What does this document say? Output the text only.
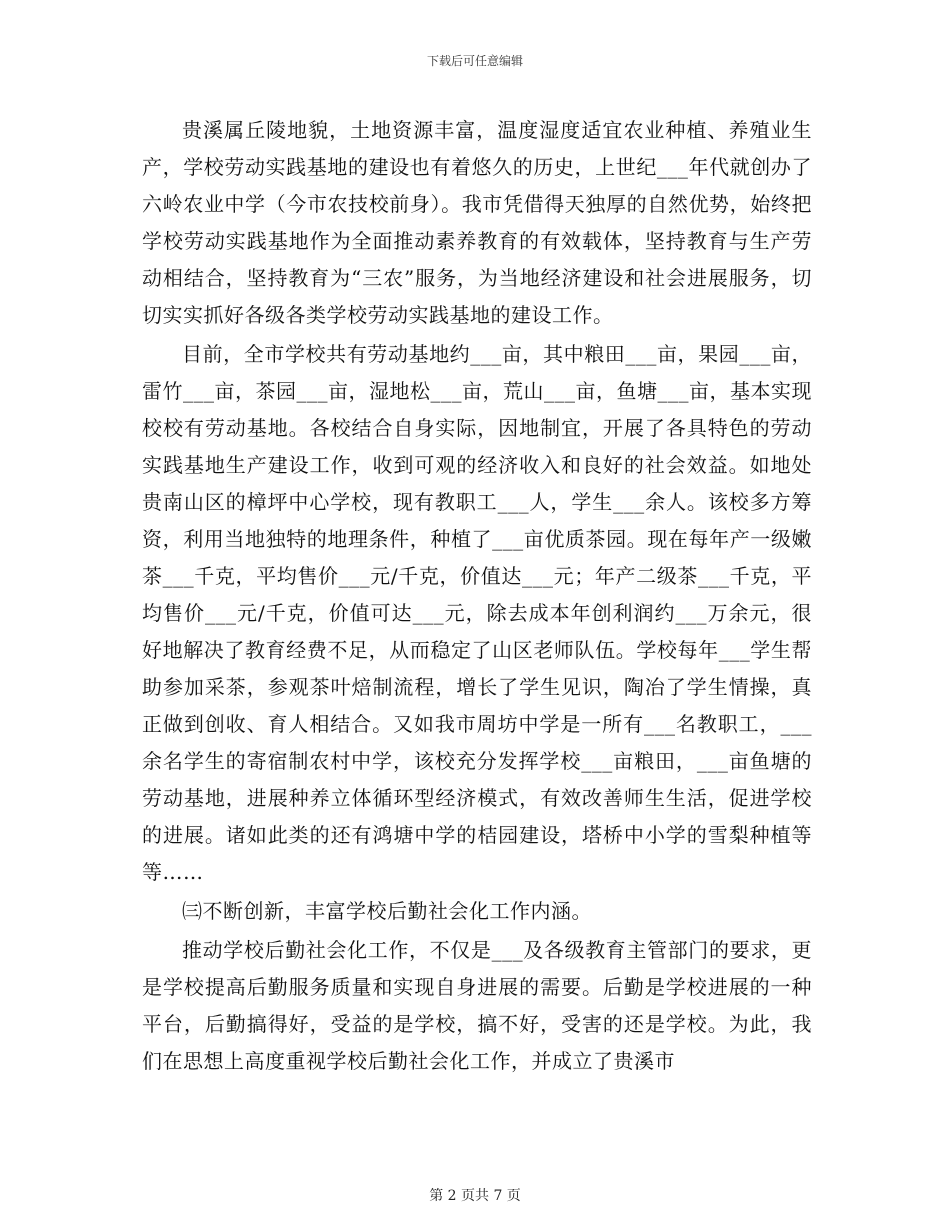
下载后可任意编辑

贵溪属丘陵地貌，土地资源丰富，温度湿度适宜农业种植、养殖业生产，学校劳动实践基地的建设也有着悠久的历史，上世纪___年代就创办了六岭农业中学（今市农技校前身）。我市凭借得天独厚的自然优势，始终把学校劳动实践基地作为全面推动素养教育的有效载体，坚持教育与生产劳动相结合，坚持教育为“三农”服务，为当地经济建设和社会进展服务，切切实实抓好各级各类学校劳动实践基地的建设工作。

目前，全市学校共有劳动基地约___亩，其中粮田___亩，果园___亩，雷竹___亩，茶园___亩，湿地松___亩，荒山___亩，鱼塘___亩，基本实现校校有劳动基地。各校结合自身实际，因地制宜，开展了各具特色的劳动实践基地生产建设工作，收到可观的经济收入和良好的社会效益。如地处贵南山区的樟坪中心学校，现有教职工___人，学生___余人。该校多方筹资，利用当地独特的地理条件，种植了___亩优质茶园。现在每年产一级嫩茶___千克，平均售价___元/千克，价值达___元；年产二级茶___千克，平均售价___元/千克，价值可达___元，除去成本年创利润约___万余元，很好地解决了教育经费不足，从而稳定了山区老师队伍。学校每年___学生帮助参加采茶，参观茶叶焙制流程，增长了学生见识，陶冶了学生情操，真正做到创收、育人相结合。又如我市周坊中学是一所有___名教职工，___余名学生的寄宿制农村中学，该校充分发挥学校___亩粮田，___亩鱼塘的劳动基地，进展种养立体循环型经济模式，有效改善师生生活，促进学校的进展。诸如此类的还有鸿塘中学的桔园建设，塔桥中小学的雪梨种植等等……

㈢不断创新，丰富学校后勤社会化工作内涵。

推动学校后勤社会化工作，不仅是___及各级教育主管部门的要求，更是学校提高后勤服务质量和实现自身进展的需要。后勤是学校进展的一种平台，后勤搞得好，受益的是学校，搞不好，受害的还是学校。为此，我们在思想上高度重视学校后勤社会化工作，并成立了贵溪市

第 2 页共 7 页
